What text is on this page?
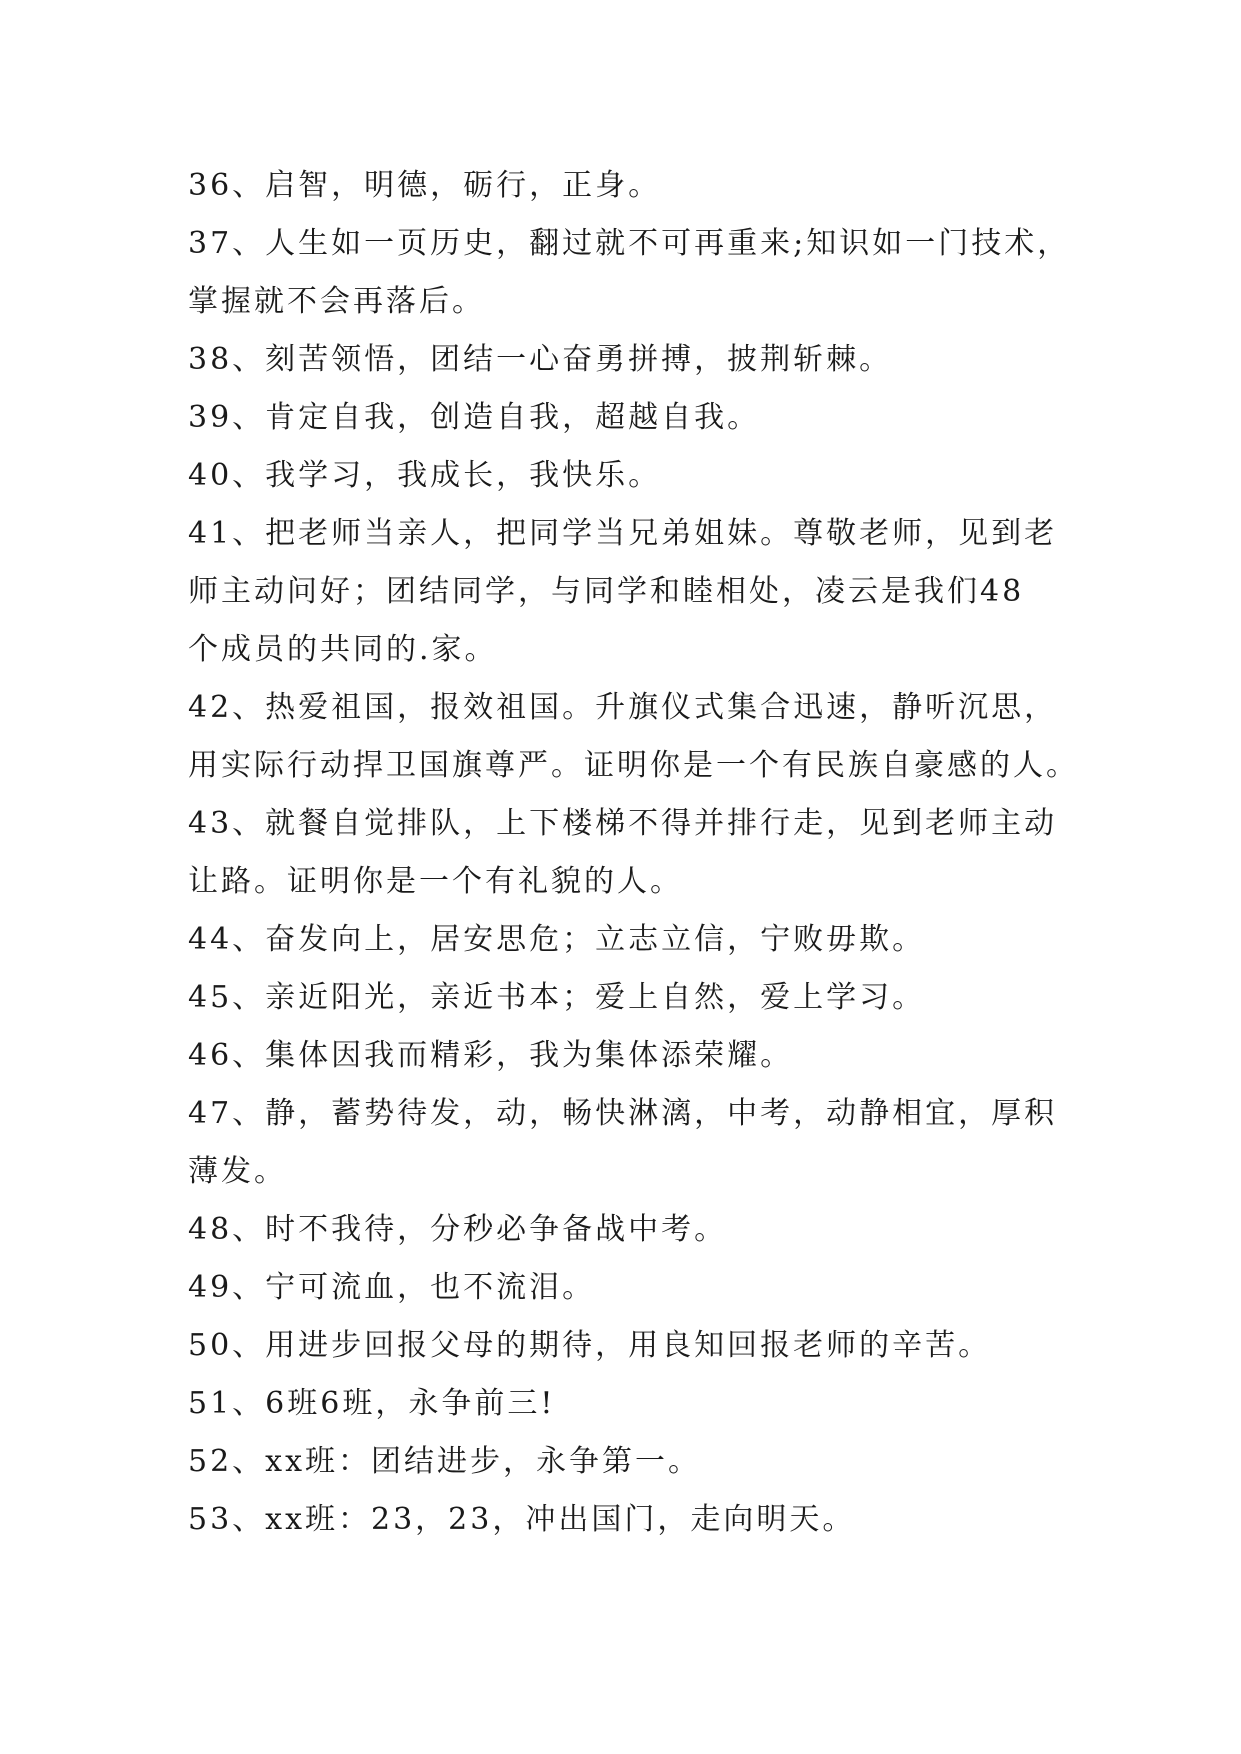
36、启智，明德，砺行，正身。
37、人生如一页历史，翻过就不可再重来;知识如一门技术，
掌握就不会再落后。
38、刻苦领悟，团结一心奋勇拼搏，披荆斩棘。
39、肯定自我，创造自我，超越自我。
40、我学习，我成长，我快乐。
41、把老师当亲人，把同学当兄弟姐妹。尊敬老师，见到老
师主动问好；团结同学，与同学和睦相处，凌云是我们48
个成员的共同的.家。
42、热爱祖国，报效祖国。升旗仪式集合迅速，静听沉思，
用实际行动捍卫国旗尊严。证明你是一个有民族自豪感的人。
43、就餐自觉排队，上下楼梯不得并排行走，见到老师主动
让路。证明你是一个有礼貌的人。
44、奋发向上，居安思危；立志立信，宁败毋欺。
45、亲近阳光，亲近书本；爱上自然，爱上学习。
46、集体因我而精彩，我为集体添荣耀。
47、静，蓄势待发，动，畅快淋漓，中考，动静相宜，厚积
薄发。
48、时不我待，分秒必争备战中考。
49、宁可流血，也不流泪。
50、用进步回报父母的期待，用良知回报老师的辛苦。
51、6班6班，永争前三!
52、xx班：团结进步，永争第一。
53、xx班：23，23，冲出国门，走向明天。
